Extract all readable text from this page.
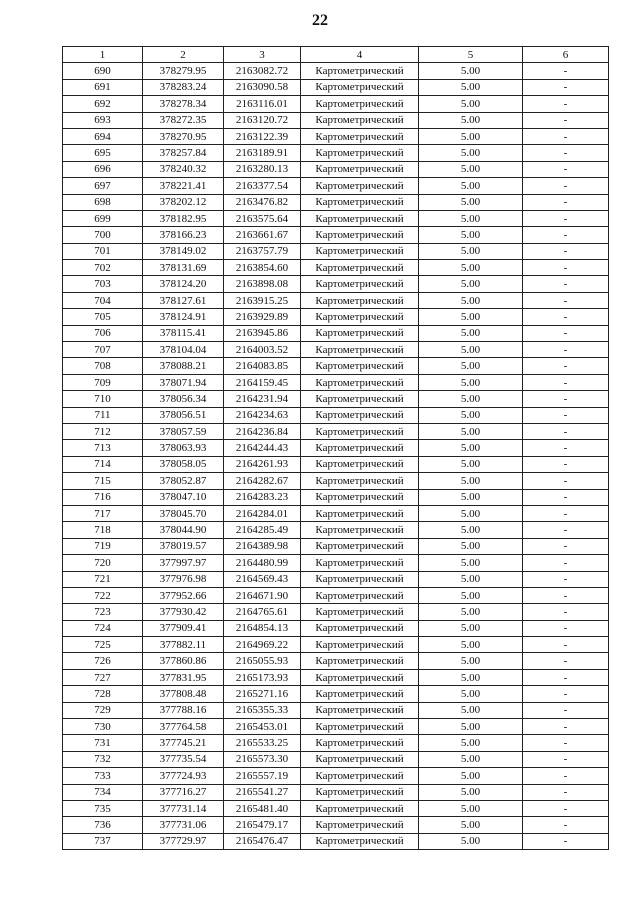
22
1	2	3	4	5	6
690	378279.95	2163082.72	Картометрический	5.00	-
691	378283.24	2163090.58	Картометрический	5.00	-
692	378278.34	2163116.01	Картометрический	5.00	-
693	378272.35	2163120.72	Картометрический	5.00	-
694	378270.95	2163122.39	Картометрический	5.00	-
695	378257.84	2163189.91	Картометрический	5.00	-
696	378240.32	2163280.13	Картометрический	5.00	-
697	378221.41	2163377.54	Картометрический	5.00	-
698	378202.12	2163476.82	Картометрический	5.00	-
699	378182.95	2163575.64	Картометрический	5.00	-
700	378166.23	2163661.67	Картометрический	5.00	-
701	378149.02	2163757.79	Картометрический	5.00	-
702	378131.69	2163854.60	Картометрический	5.00	-
703	378124.20	2163898.08	Картометрический	5.00	-
704	378127.61	2163915.25	Картометрический	5.00	-
705	378124.91	2163929.89	Картометрический	5.00	-
706	378115.41	2163945.86	Картометрический	5.00	-
707	378104.04	2164003.52	Картометрический	5.00	-
708	378088.21	2164083.85	Картометрический	5.00	-
709	378071.94	2164159.45	Картометрический	5.00	-
710	378056.34	2164231.94	Картометрический	5.00	-
711	378056.51	2164234.63	Картометрический	5.00	-
712	378057.59	2164236.84	Картометрический	5.00	-
713	378063.93	2164244.43	Картометрический	5.00	-
714	378058.05	2164261.93	Картометрический	5.00	-
715	378052.87	2164282.67	Картометрический	5.00	-
716	378047.10	2164283.23	Картометрический	5.00	-
717	378045.70	2164284.01	Картометрический	5.00	-
718	378044.90	2164285.49	Картометрический	5.00	-
719	378019.57	2164389.98	Картометрический	5.00	-
720	377997.97	2164480.99	Картометрический	5.00	-
721	377976.98	2164569.43	Картометрический	5.00	-
722	377952.66	2164671.90	Картометрический	5.00	-
723	377930.42	2164765.61	Картометрический	5.00	-
724	377909.41	2164854.13	Картометрический	5.00	-
725	377882.11	2164969.22	Картометрический	5.00	-
726	377860.86	2165055.93	Картометрический	5.00	-
727	377831.95	2165173.93	Картометрический	5.00	-
728	377808.48	2165271.16	Картометрический	5.00	-
729	377788.16	2165355.33	Картометрический	5.00	-
730	377764.58	2165453.01	Картометрический	5.00	-
731	377745.21	2165533.25	Картометрический	5.00	-
732	377735.54	2165573.30	Картометрический	5.00	-
733	377724.93	2165557.19	Картометрический	5.00	-
734	377716.27	2165541.27	Картометрический	5.00	-
735	377731.14	2165481.40	Картометрический	5.00	-
736	377731.06	2165479.17	Картометрический	5.00	-
737	377729.97	2165476.47	Картометрический	5.00	-
